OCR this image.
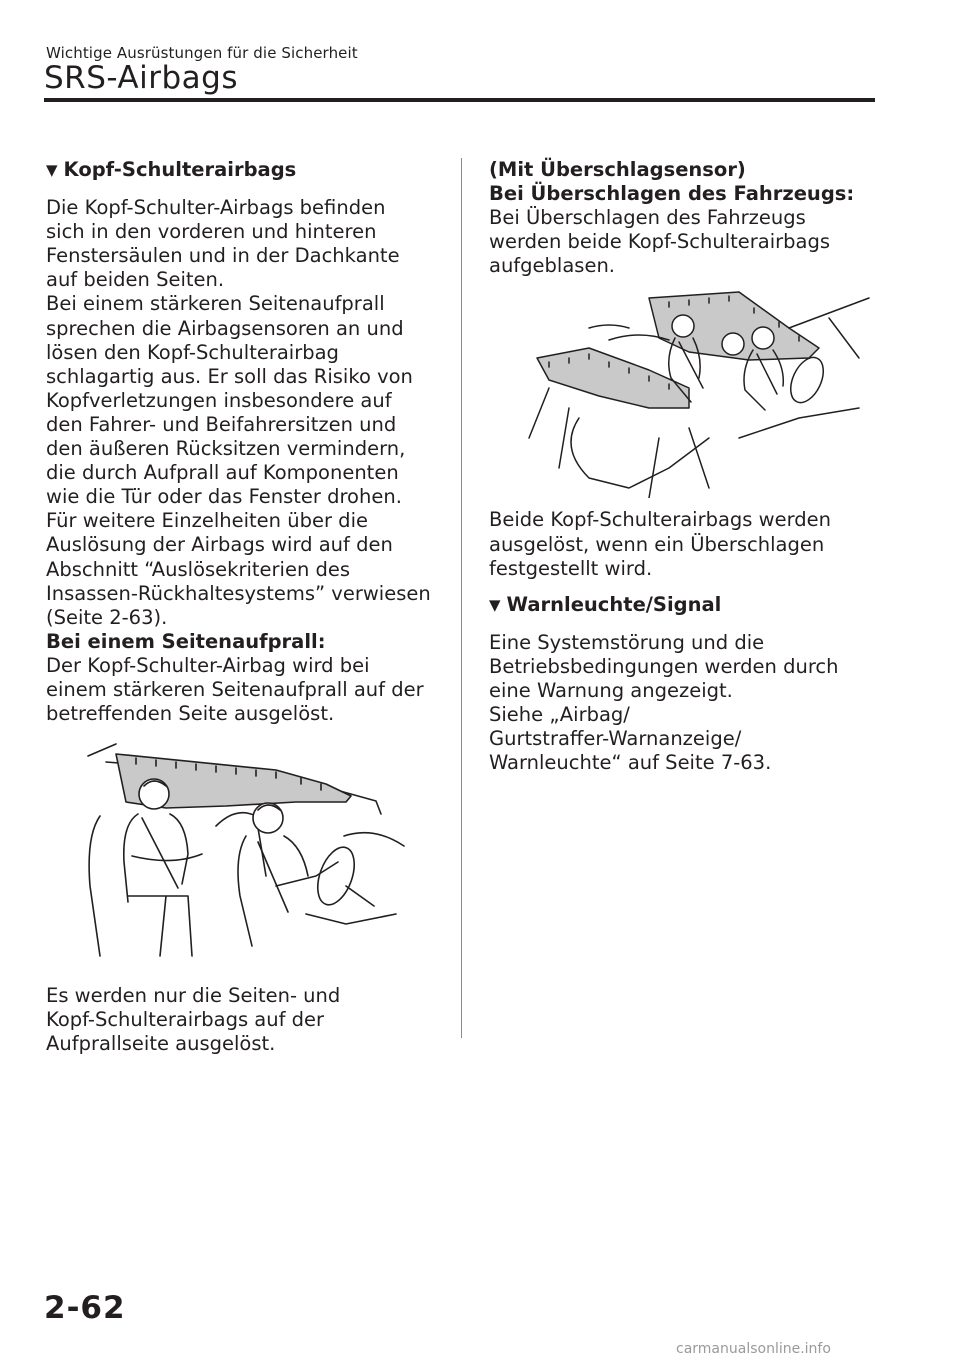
Wichtige Ausrüstungen für die Sicherheit
SRS-Airbags
▼ Kopf-Schulterairbags
Die Kopf-Schulter-Airbags befinden
sich in den vorderen und hinteren
Fenstersäulen und in der Dachkante
auf beiden Seiten.
Bei einem stärkeren Seitenaufprall
sprechen die Airbagsensoren an und
lösen den Kopf-Schulterairbag
schlagartig aus. Er soll das Risiko von
Kopfverletzungen insbesondere auf
den Fahrer- und Beifahrersitzen und
den äußeren Rücksitzen vermindern,
die durch Aufprall auf Komponenten
wie die Tür oder das Fenster drohen.
Für weitere Einzelheiten über die
Auslösung der Airbags wird auf den
Abschnitt “Auslösekriterien des
Insassen-Rückhaltesystems” verwiesen
(Seite 2-63).
Bei einem Seitenaufprall:
Der Kopf-Schulter-Airbag wird bei
einem stärkeren Seitenaufprall auf der
betreffenden Seite ausgelöst.
Es werden nur die Seiten- und
Kopf-Schulterairbags auf der
Aufprallseite ausgelöst.
(Mit Überschlagsensor)
Bei Überschlagen des Fahrzeugs:
Bei Überschlagen des Fahrzeugs
werden beide Kopf-Schulterairbags
aufgeblasen.
Beide Kopf-Schulterairbags werden
ausgelöst, wenn ein Überschlagen
festgestellt wird.
▼ Warnleuchte/Signal
Eine Systemstörung und die
Betriebsbedingungen werden durch
eine Warnung angezeigt.
Siehe „Airbag/
Gurtstraffer-Warnanzeige/
Warnleuchte“ auf Seite 7-63.
2-62
carmanualsonline.info
